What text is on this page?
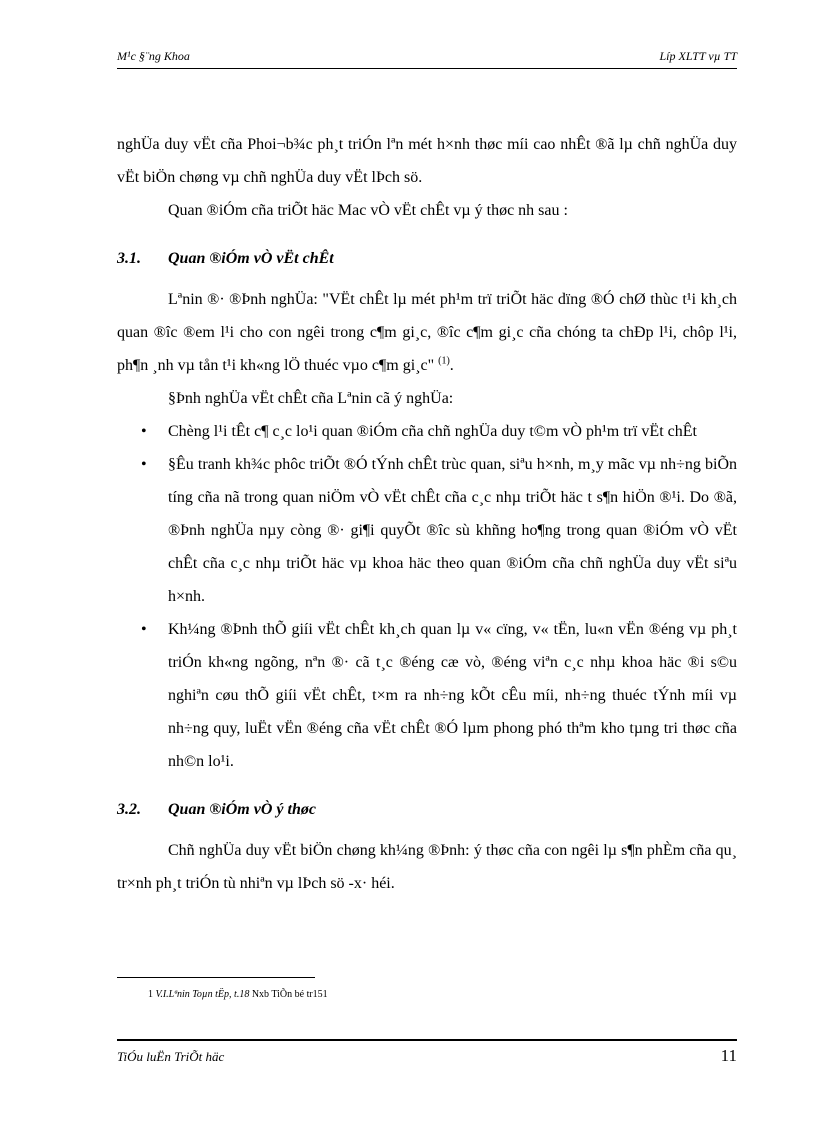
M¹c §¨ng Khoa	Líp XLTT vµ TT

nghÜa duy vËt cña Phoi¬b¾c ph¸t triÓn lªn mét h×nh thøc míi cao nhÊt ®ã lµ chñ nghÜa duy vËt biÖn chøng vµ chñ nghÜa duy vËt lÞch sö.

Quan ®iÓm cña triÕt häc Mac vÒ vËt chÊt vµ ý thøc nh sau :

3.1. Quan ®iÓm vÒ vËt chÊt

Lªnin ®· ®Þnh nghÜa: "VËt chÊt lµ mét ph¹m trï triÕt häc dïng ®Ó chØ thùc t¹i kh¸ch quan ®îc ®em l¹i cho con ngêi trong c¶m gi¸c, ®îc c¶m gi¸c cña chóng ta chÐp l¹i, chôp l¹i, ph¶n ¸nh vµ tån t¹i kh«ng lÖ thuéc vµo c¶m gi¸c" $^{(1)}$.

§Þnh nghÜa vËt chÊt cña Lªnin cã ý nghÜa:

• Chèng l¹i tÊt c¶ c¸c lo¹i quan ®iÓm cña chñ nghÜa duy t©m vÒ ph¹m trï vËt chÊt
• §Êu tranh kh¾c phôc triÕt ®Ó tÝnh chÊt trùc quan, siªu h×nh, m¸y mãc vµ nh÷ng biÕn tíng cña nã trong quan niÖm vÒ vËt chÊt cña c¸c nhµ triÕt häc t s¶n hiÖn ®¹i. Do ®ã, ®Þnh nghÜa nµy còng ®· gi¶i quyÕt ®îc sù khñng ho¶ng trong quan ®iÓm vÒ vËt chÊt cña c¸c nhµ triÕt häc vµ khoa häc theo quan ®iÓm cña chñ nghÜa duy vËt siªu h×nh.
• Kh¼ng ®Þnh thÕ giíi vËt chÊt kh¸ch quan lµ v« cïng, v« tËn, lu«n vËn ®éng vµ ph¸t triÓn kh«ng ngõng, nªn ®· cã t¸c ®éng cæ vò, ®éng viªn c¸c nhµ khoa häc ®i s©u nghiªn cøu thÕ giíi vËt chÊt, t×m ra nh÷ng kÕt cÊu míi, nh÷ng thuéc tÝnh míi vµ nh÷ng quy, luËt vËn ®éng cña vËt chÊt ®Ó lµm phong phó thªm kho tµng tri thøc cña nh©n lo¹i.

3.2. Quan ®iÓm vÒ ý thøc

Chñ nghÜa duy vËt biÖn chøng kh¼ng ®Þnh: ý thøc cña con ngêi lµ s¶n phÈm cña qu¸ tr×nh ph¸t triÓn tù nhiªn vµ lÞch sö -x· héi.

1 V.I.Lªnin Toµn tËp, t.18 Nxb TiÕn bé tr151
TiÓu luËn TriÕt häc	11
